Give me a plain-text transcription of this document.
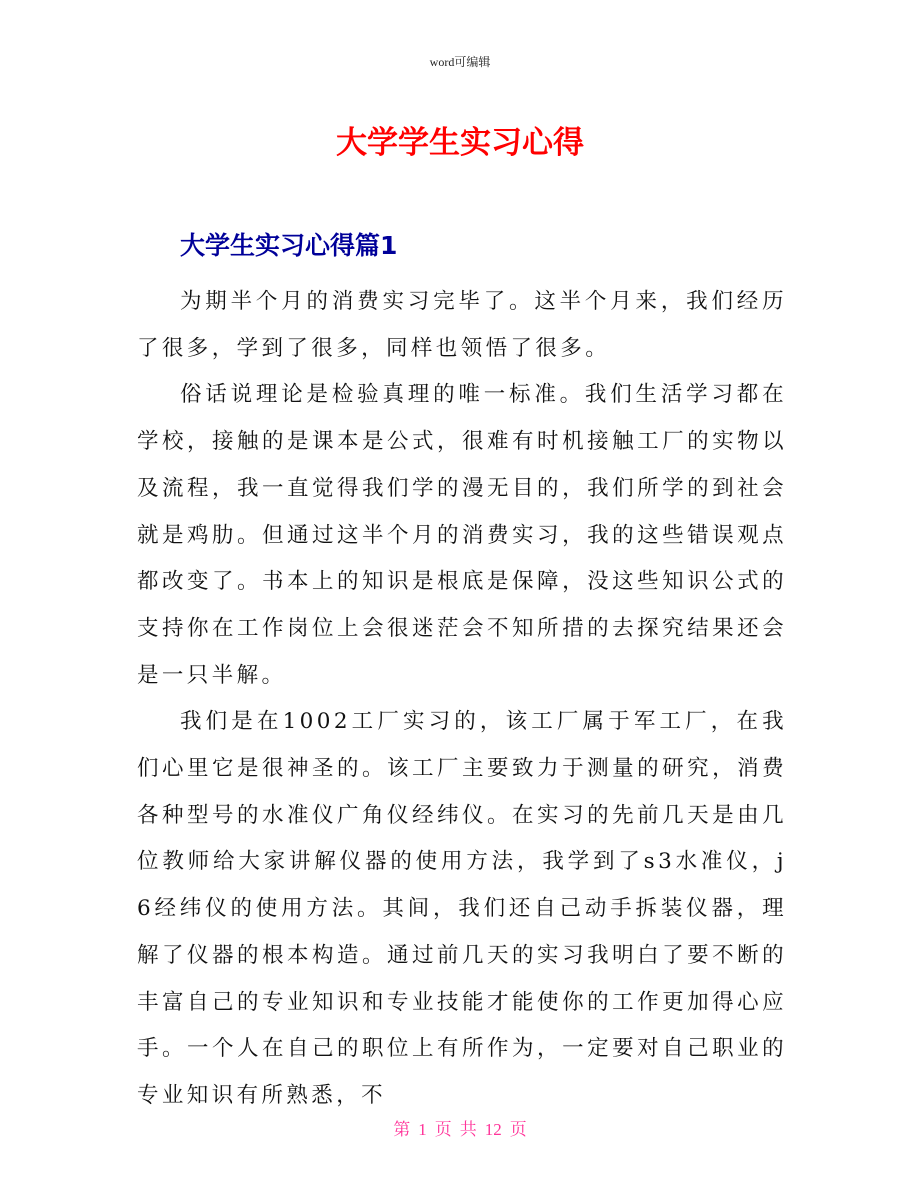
word可编辑
大学学生实习心得
大学生实习心得篇1

为期半个月的消费实习完毕了。这半个月来，我们经历了很多，学到了很多，同样也领悟了很多。

俗话说理论是检验真理的唯一标准。我们生活学习都在学校，接触的是课本是公式，很难有时机接触工厂的实物以及流程，我一直觉得我们学的漫无目的，我们所学的到社会就是鸡肋。但通过这半个月的消费实习，我的这些错误观点都改变了。书本上的知识是根底是保障，没这些知识公式的支持你在工作岗位上会很迷茫会不知所措的去探究结果还会是一只半解。

我们是在1002工厂实习的，该工厂属于军工厂，在我们心里它是很神圣的。该工厂主要致力于测量的研究，消费各种型号的水准仪广角仪经纬仪。在实习的先前几天是由几位教师给大家讲解仪器的使用方法，我学到了s3水准仪，j6经纬仪的使用方法。其间，我们还自己动手拆装仪器，理解了仪器的根本构造。通过前几天的实习我明白了要不断的丰富自己的专业知识和专业技能才能使你的工作更加得心应手。一个人在自己的职位上有所作为，一定要对自己职业的专业知识有所熟悉，不

第 1 页 共 12 页
